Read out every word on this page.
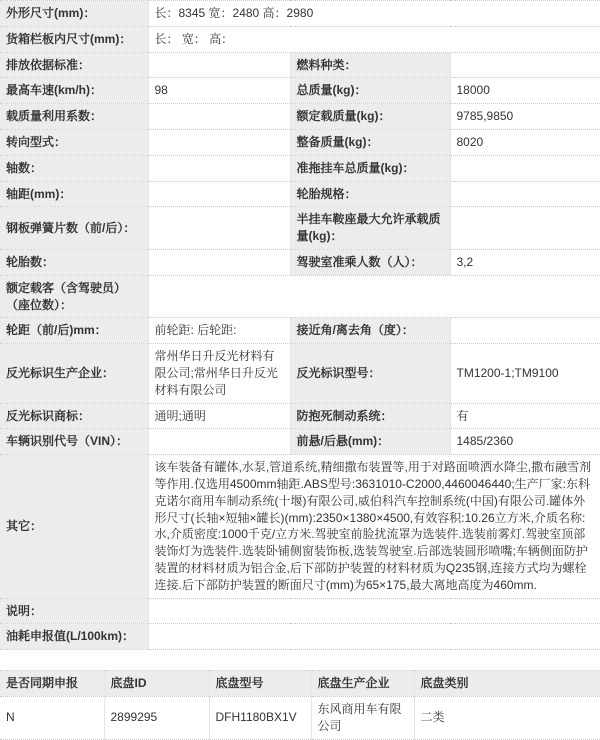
外形尺寸(mm)：	长：8345 宽：2480 高：2980		
货箱栏板内尺寸(mm)：	长： 宽： 高：		
排放依据标准：		燃料种类：	
最高车速(km/h)：	98	总质量(kg)：	18000
载质量利用系数：		额定载质量(kg)：	9785,9850
转向型式：		整备质量(kg)：	8020
轴数：		准拖挂车总质量(kg)：	
轴距(mm)：		轮胎规格：	
钢板弹簧片数（前/后）：		半挂车鞍座最大允许承载质量(kg)：	
轮胎数：		驾驶室准乘人数（人）：	3,2
额定载客（含驾驶员）（座位数）：			
轮距（前/后)mm：	前轮距: 后轮距:	接近角/离去角（度）：	
反光标识生产企业：	常州华日升反光材料有限公司;常州华日升反光材料有限公司	反光标识型号：	TM1200-1;TM9100
反光标识商标：	通明;通明	防抱死制动系统：	有
车辆识别代号（VIN）：		前悬/后悬(mm)：	1485/2360
其它：	该车装备有罐体,水泵,管道系统,精细撒布装置等,用于对路面喷洒水降尘,撒布融雪剂等作用.仅选用4500mm轴距.ABS型号:3631010-C2000,4460046440;生产厂家:东科克诺尔商用车制动系统(十堰)有限公司,威伯科汽车控制系统(中国)有限公司.罐体外形尺寸(长轴×短轴×罐长)(mm):2350×1380×4500,有效容积:10.26立方米,介质名称:水,介质密度:1000千克/立方米.驾驶室前脸扰流罩为选装件.选装前雾灯.驾驶室顶部装饰灯为选装件.选装卧铺侧窗装饰板,选装驾驶室.后部选装圆形喷嘴;车辆侧面防护装置的材料材质为铝合金,后下部防护装置的材料材质为Q235钢,连接方式均为螺栓连接.后下部防护装置的断面尺寸(mm)为65×175,最大离地高度为460mm.		
说明：			
油耗申报值(L/100km)：			
是否同期申报	底盘ID	底盘型号	底盘生产企业	底盘类别
N	2899295	DFH1180BX1V	东风商用车有限公司	二类
